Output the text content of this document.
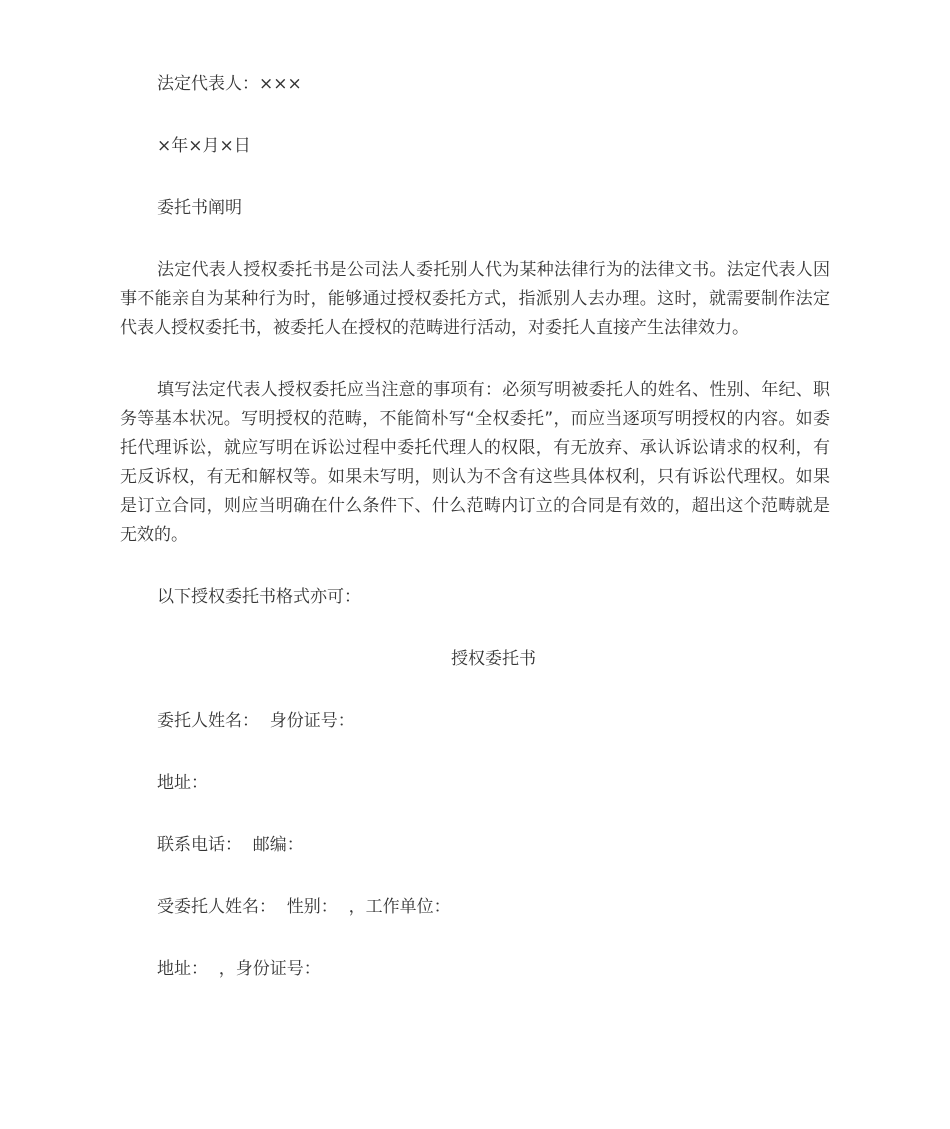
法定代表人：×××

×年×月×日

委托书阐明

法定代表人授权委托书是公司法人委托别人代为某种法律行为的法律文书。法定代表人因事不能亲自为某种行为时，能够通过授权委托方式，指派别人去办理。这时，就需要制作法定代表人授权委托书，被委托人在授权的范畴进行活动，对委托人直接产生法律效力。

填写法定代表人授权委托应当注意的事项有：必须写明被委托人的姓名、性别、年纪、职务等基本状况。写明授权的范畴，不能简朴写“全权委托”，而应当逐项写明授权的内容。如委托代理诉讼，就应写明在诉讼过程中委托代理人的权限，有无放弃、承认诉讼请求的权利，有无反诉权，有无和解权等。如果未写明，则认为不含有这些具体权利，只有诉讼代理权。如果是订立合同，则应当明确在什么条件下、什么范畴内订立的合同是有效的，超出这个范畴就是无效的。

以下授权委托书格式亦可：

授权委托书

委托人姓名：  身份证号：

地址：

联系电话：  邮编：

受委托人姓名：  性别：  ，工作单位：

地址：  ，身份证号：
